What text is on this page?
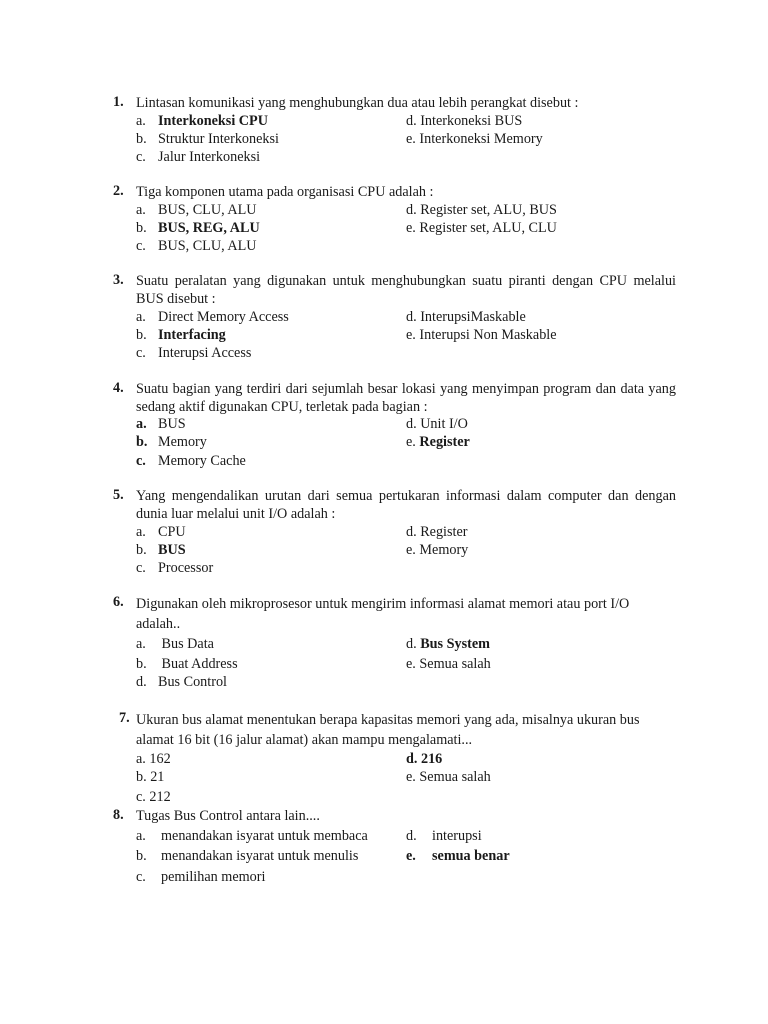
1. Lintasan komunikasi yang menghubungkan dua atau lebih perangkat disebut :
a. Interkoneksi CPU
b. Struktur Interkoneksi
c. Jalur Interkoneksi
d. Interkoneksi BUS
e. Interkoneksi Memory
2. Tiga komponen utama pada organisasi CPU adalah :
a. BUS, CLU, ALU
b. BUS, REG, ALU
c. BUS, CLU, ALU
d. Register set, ALU, BUS
e. Register set, ALU, CLU
3. Suatu peralatan yang digunakan untuk menghubungkan suatu piranti dengan CPU melalui BUS disebut :
a. Direct Memory Access
b. Interfacing
c. Interupsi Access
d. InterupsiMaskable
e. Interupsi Non Maskable
4. Suatu bagian yang terdiri dari sejumlah besar lokasi yang menyimpan program dan data yang sedang aktif digunakan CPU, terletak pada bagian :
a. BUS
b. Memory
c. Memory Cache
d. Unit I/O
e. Register
5. Yang mengendalikan urutan dari semua pertukaran informasi dalam computer dan dengan dunia luar melalui unit I/O adalah :
a. CPU
b. BUS
c. Processor
d. Register
e. Memory
6. Digunakan oleh mikroprosesor untuk mengirim informasi alamat memori atau port I/O adalah..
a. Bus Data
b. Buat Address
d. Bus Control
d. Bus System
e. Semua salah
7. Ukuran bus alamat menentukan berapa kapasitas memori yang ada, misalnya ukuran bus alamat 16 bit (16 jalur alamat) akan mampu mengalamati...
a. 162
b. 21
c. 212
d. 216
e. Semua salah
8. Tugas Bus Control antara lain....
a. menandakan isyarat untuk membaca
b. menandakan isyarat untuk menulis
c. pemilihan memori
d. interupsi
e. semua benar
